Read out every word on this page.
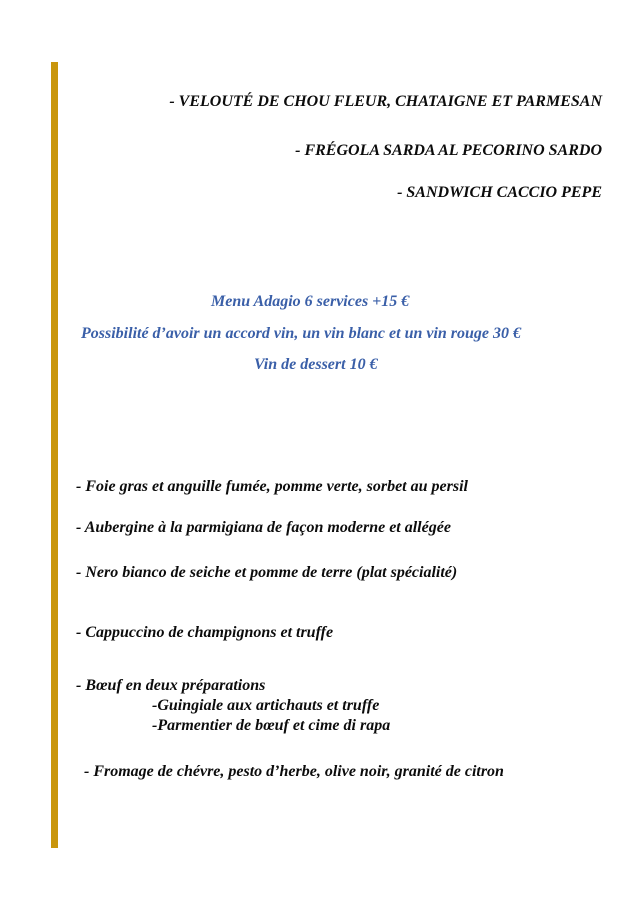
- VELOUTÉ DE CHOU FLEUR, CHATAIGNE ET PARMESAN
- FRÉGOLA SARDA AL PECORINO SARDO
- SANDWICH CACCIO PEPE
Menu Adagio 6 services +15 €
Possibilité d’avoir un accord vin, un vin blanc et un vin rouge 30 €
Vin de dessert 10 €
- Foie gras et anguille fumée, pomme verte, sorbet au persil
- Aubergine à la parmigiana de façon moderne et allégée
- Nero bianco de seiche et pomme de terre (plat spécialité)
- Cappuccino de champignons et truffe
- Bœuf en deux préparations
-Guingiale aux artichauts et truffe
-Parmentier de bœuf et cime di rapa
- Fromage de chévre, pesto d’herbe, olive noir, granité de citron
